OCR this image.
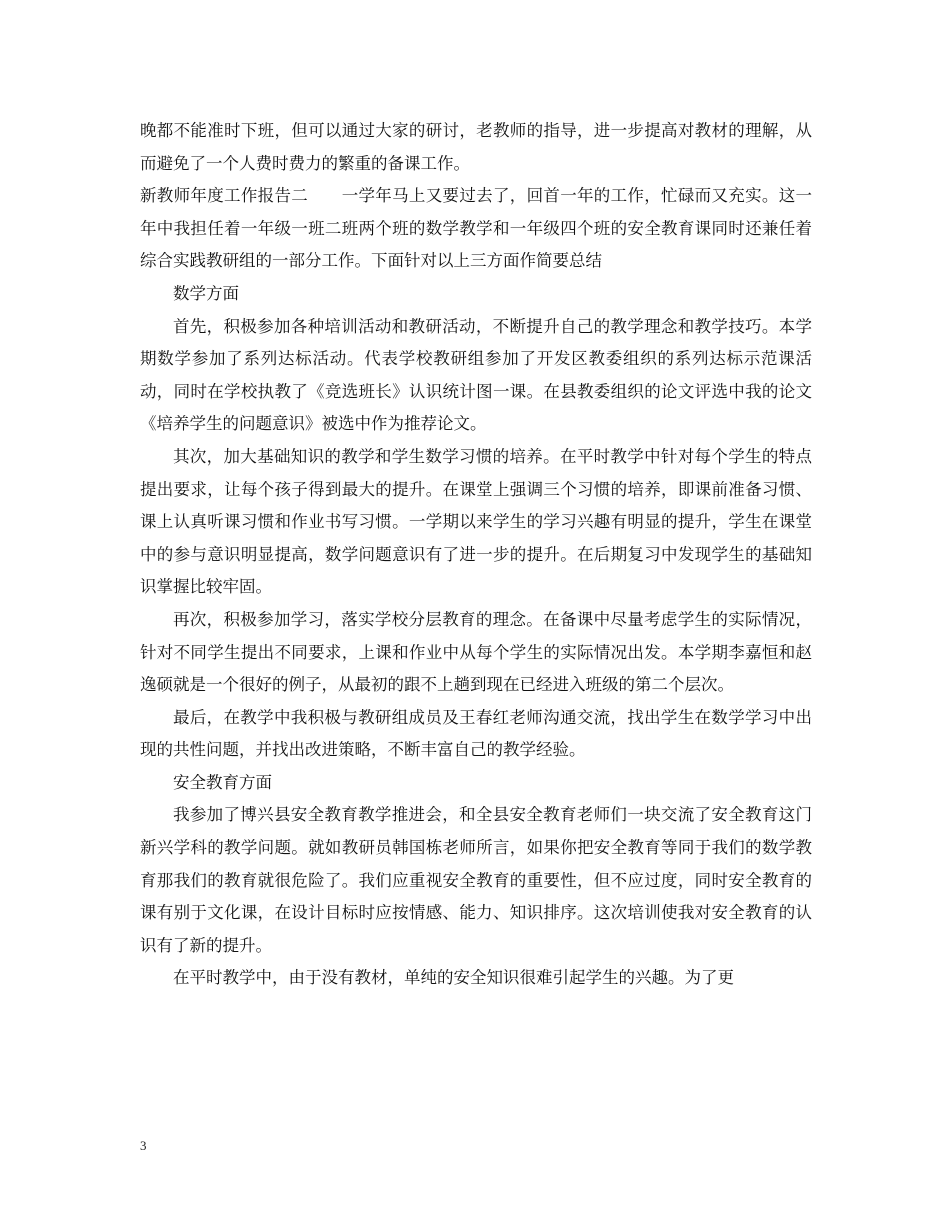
晚都不能准时下班，但可以通过大家的研讨，老教师的指导，进一步提高对教材的理解，从而避免了一个人费时费力的繁重的备课工作。

新教师年度工作报告二　　一学年马上又要过去了，回首一年的工作，忙碌而又充实。这一年中我担任着一年级一班二班两个班的数学教学和一年级四个班的安全教育课同时还兼任着综合实践教研组的一部分工作。下面针对以上三方面作简要总结

数学方面

首先，积极参加各种培训活动和教研活动，不断提升自己的教学理念和教学技巧。本学期数学参加了系列达标活动。代表学校教研组参加了开发区教委组织的系列达标示范课活动，同时在学校执教了《竞选班长》认识统计图一课。在县教委组织的论文评选中我的论文《培养学生的问题意识》被选中作为推荐论文。

其次，加大基础知识的教学和学生数学习惯的培养。在平时教学中针对每个学生的特点提出要求，让每个孩子得到最大的提升。在课堂上强调三个习惯的培养，即课前准备习惯、课上认真听课习惯和作业书写习惯。一学期以来学生的学习兴趣有明显的提升，学生在课堂中的参与意识明显提高，数学问题意识有了进一步的提升。在后期复习中发现学生的基础知识掌握比较牢固。

再次，积极参加学习，落实学校分层教育的理念。在备课中尽量考虑学生的实际情况，针对不同学生提出不同要求，上课和作业中从每个学生的实际情况出发。本学期李嘉恒和赵逸硕就是一个很好的例子，从最初的跟不上趟到现在已经进入班级的第二个层次。

最后，在教学中我积极与教研组成员及王春红老师沟通交流，找出学生在数学学习中出现的共性问题，并找出改进策略，不断丰富自己的教学经验。

安全教育方面

我参加了博兴县安全教育教学推进会，和全县安全教育老师们一块交流了安全教育这门新兴学科的教学问题。就如教研员韩国栋老师所言，如果你把安全教育等同于我们的数学教育那我们的教育就很危险了。我们应重视安全教育的重要性，但不应过度，同时安全教育的课有别于文化课，在设计目标时应按情感、能力、知识排序。这次培训使我对安全教育的认识有了新的提升。

在平时教学中，由于没有教材，单纯的安全知识很难引起学生的兴趣。为了更

3
